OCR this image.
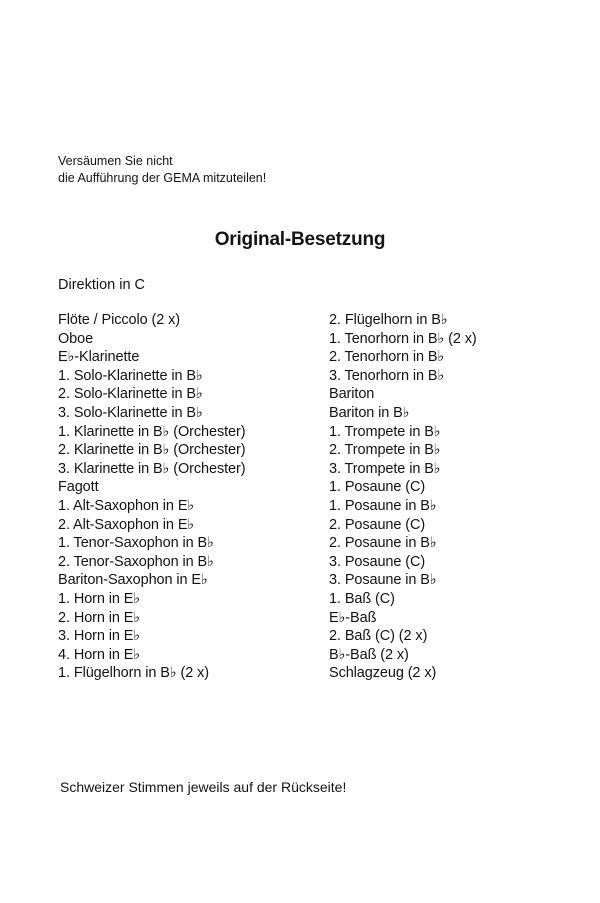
Versäumen Sie nicht
die Aufführung der GEMA mitzuteilen!
Original-Besetzung
Direktion in C
Flöte / Piccolo (2 x)
Oboe
E♭-Klarinette
1. Solo-Klarinette in B♭
2. Solo-Klarinette in B♭
3. Solo-Klarinette in B♭
1. Klarinette in B♭ (Orchester)
2. Klarinette in B♭ (Orchester)
3. Klarinette in B♭ (Orchester)
Fagott
1. Alt-Saxophon in E♭
2. Alt-Saxophon in E♭
1. Tenor-Saxophon in B♭
2. Tenor-Saxophon in B♭
Bariton-Saxophon in E♭
1. Horn in E♭
2. Horn in E♭
3. Horn in E♭
4. Horn in E♭
1. Flügelhorn in B♭ (2 x)
2. Flügelhorn in B♭
1. Tenorhorn in B♭ (2 x)
2. Tenorhorn in B♭
3. Tenorhorn in B♭
Bariton
Bariton in B♭
1. Trompete in B♭
2. Trompete in B♭
3. Trompete in B♭
1. Posaune (C)
1. Posaune in B♭
2. Posaune (C)
2. Posaune in B♭
3. Posaune (C)
3. Posaune in B♭
1. Baß (C)
E♭-Baß
2. Baß (C) (2 x)
B♭-Baß (2 x)
Schlagzeug (2 x)
Schweizer Stimmen jeweils auf der Rückseite!
